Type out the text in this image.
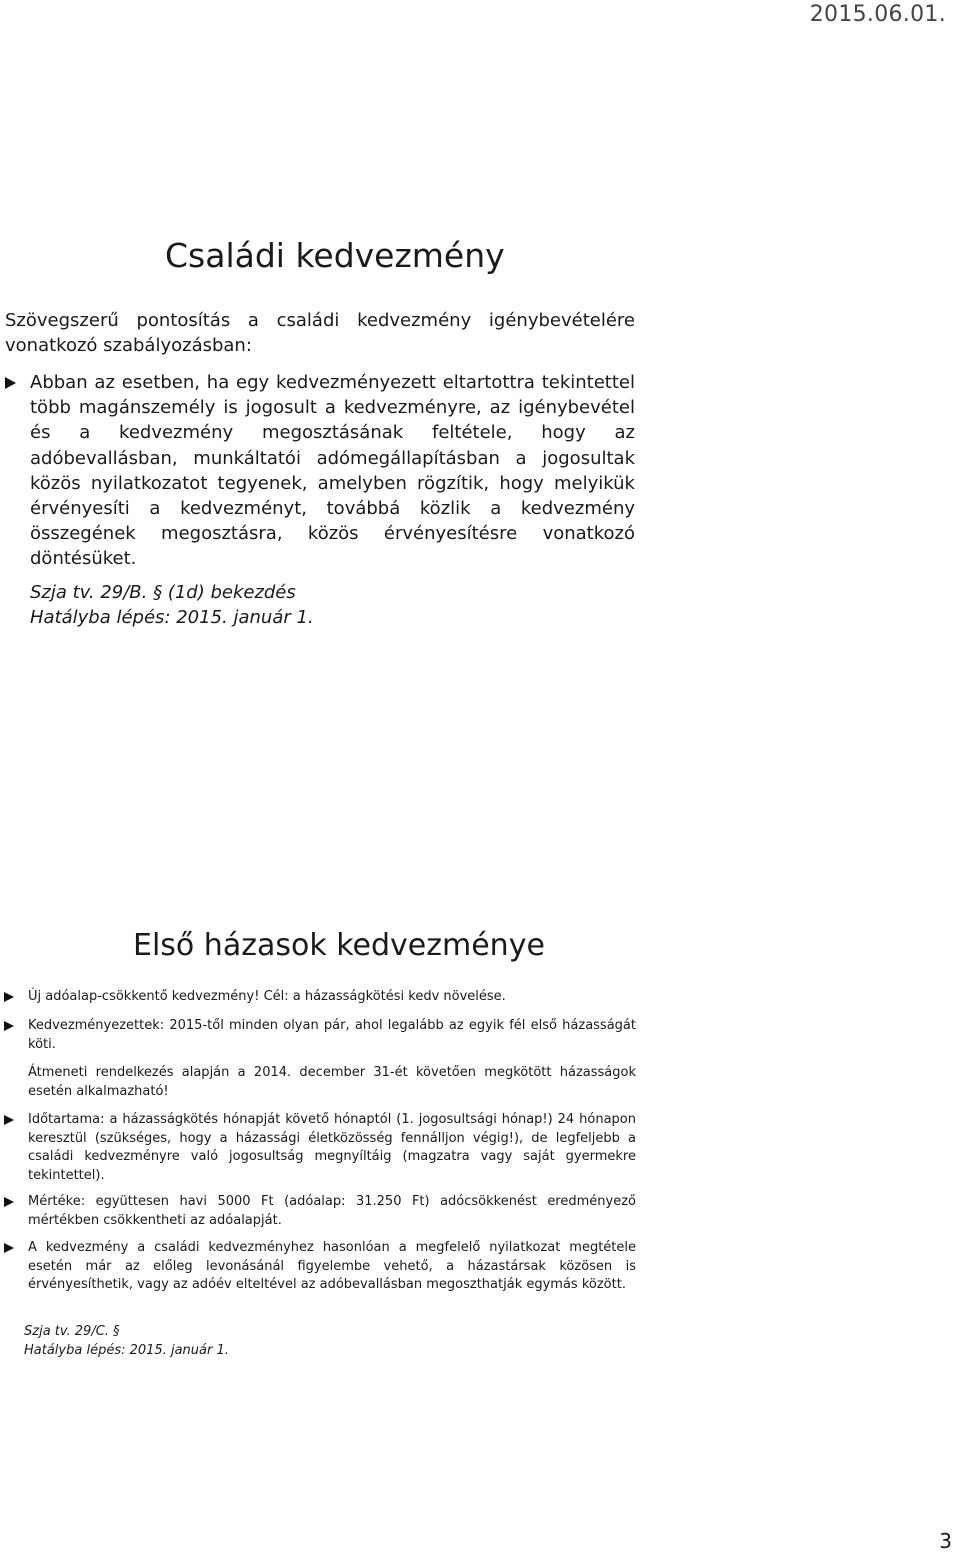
2015.06.01.
Családi kedvezmény

Szövegszerű pontosítás a családi kedvezmény igénybevételére vonatkozó szabályozásban:

Abban az esetben, ha egy kedvezményezett eltartottra tekintettel több magánszemély is jogosult a kedvezményre, az igénybevétel és a kedvezmény megosztásának feltétele, hogy az adóbevallásban, munkáltatói adómegállapításban a jogosultak közös nyilatkozatot tegyenek, amelyben rögzítik, hogy melyikük érvényesíti a kedvezményt, továbbá közlik a kedvezmény összegének megosztásra, közös érvényesítésre vonatkozó döntésüket.
Szja tv. 29/B. § (1d) bekezdés
Hatályba lépés: 2015. január 1.
Első házasok kedvezménye
Új adóalap-csökkentő kedvezmény! Cél: a házasságkötési kedv növelése.
Kedvezményezettek: 2015-től minden olyan pár, ahol legalább az egyik fél első házasságát köti.
Átmeneti rendelkezés alapján a 2014. december 31-ét követően megkötött házasságok esetén alkalmazható!
Időtartama: a házasságkötés hónapját követő hónaptól (1. jogosultsági hónap!) 24 hónapon keresztül (szükséges, hogy a házassági életközösség fennálljon végig!), de legfeljebb a családi kedvezményre való jogosultság megnyíltáig (magzatra vagy saját gyermekre tekintettel).
Mértéke: együttesen havi 5000 Ft (adóalap: 31.250 Ft) adócsökkenést eredményező mértékben csökkentheti az adóalapját.
A kedvezmény a családi kedvezményhez hasonlóan a megfelelő nyilatkozat megtétele esetén már az előleg levonásánál figyelembe vehető, a házastársak közösen is érvényesíthetik, vagy az adóév elteltével az adóbevallásban megoszthatják egymás között.
Szja tv. 29/C. §
Hatályba lépés: 2015. január 1.
3
